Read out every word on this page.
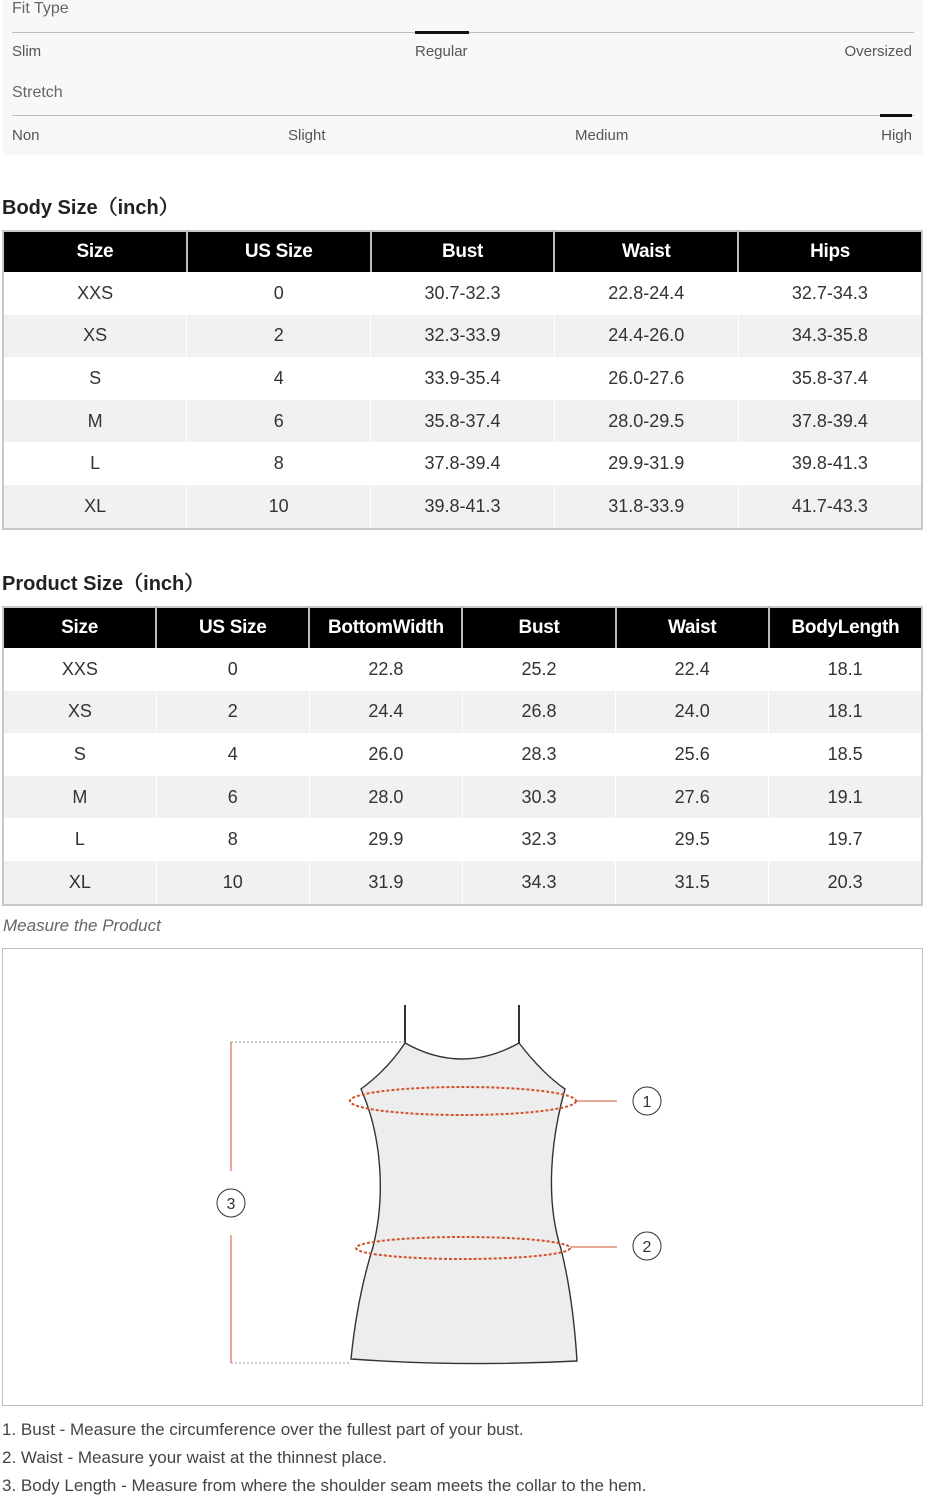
Fit Type
Slim	Regular	Oversized
Stretch
Non	Slight	Medium	High
Body Size（inch）
Size	US Size	Bust	Waist	Hips
XXS	0	30.7-32.3	22.8-24.4	32.7-34.3
XS	2	32.3-33.9	24.4-26.0	34.3-35.8
S	4	33.9-35.4	26.0-27.6	35.8-37.4
M	6	35.8-37.4	28.0-29.5	37.8-39.4
L	8	37.8-39.4	29.9-31.9	39.8-41.3
XL	10	39.8-41.3	31.8-33.9	41.7-43.3
Product Size（inch）
Size	US Size	BottomWidth	Bust	Waist	BodyLength
XXS	0	22.8	25.2	22.4	18.1
XS	2	24.4	26.8	24.0	18.1
S	4	26.0	28.3	25.6	18.5
M	6	28.0	30.3	27.6	19.1
L	8	29.9	32.3	29.5	19.7
XL	10	31.9	34.3	31.5	20.3
Measure the Product
1
2
3
1. Bust - Measure the circumference over the fullest part of your bust.
2. Waist - Measure your waist at the thinnest place.
3. Body Length - Measure from where the shoulder seam meets the collar to the hem.
